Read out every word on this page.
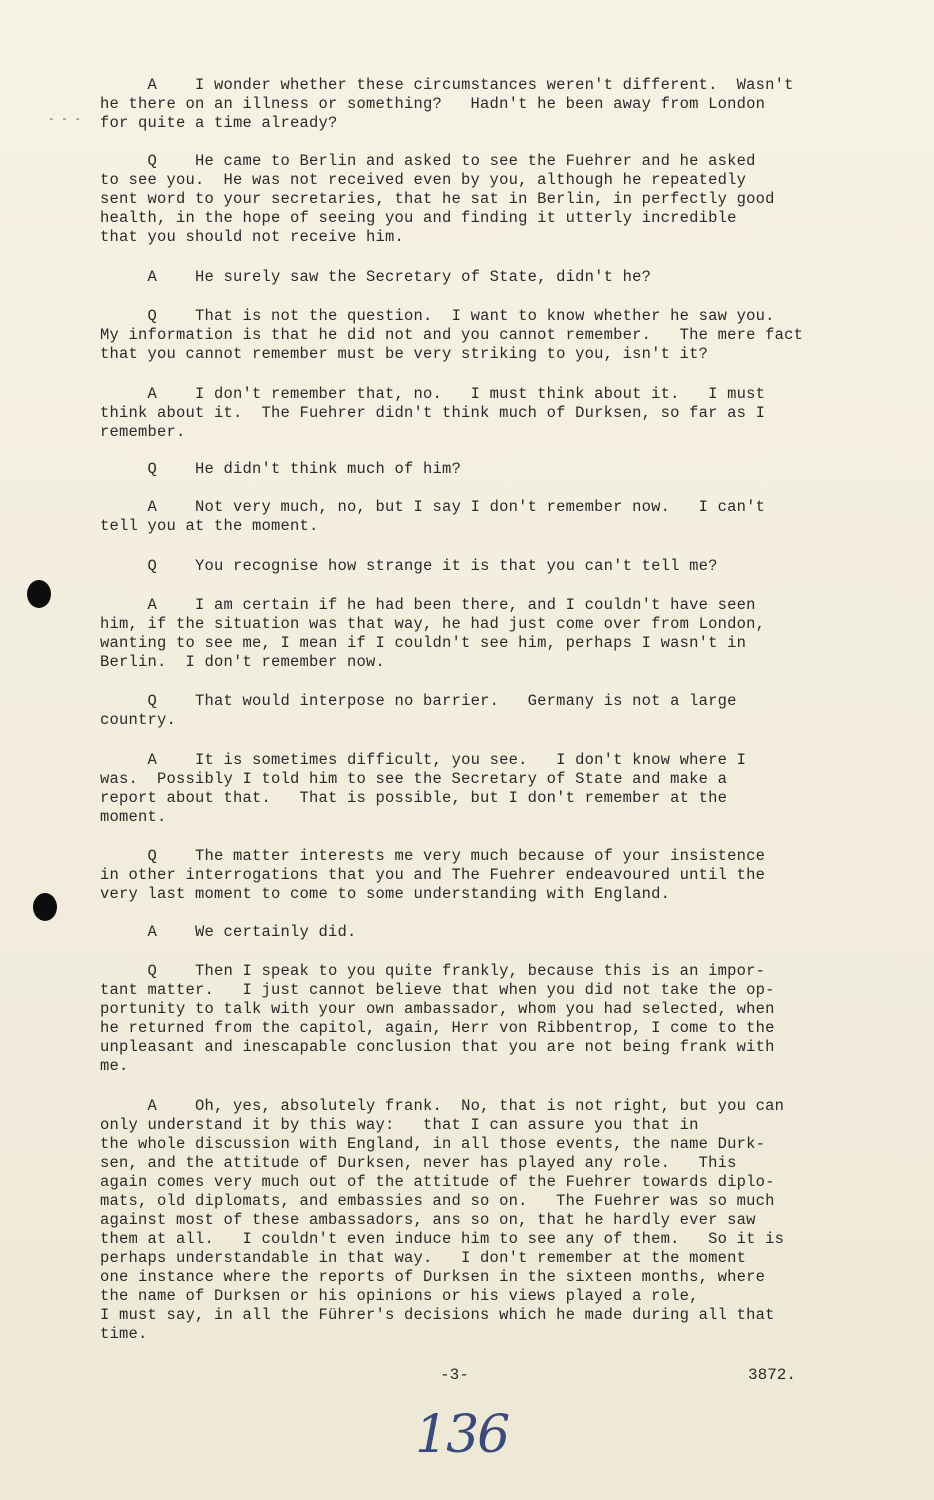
- - -
A    I wonder whether these circumstances weren't different.  Wasn't
he there on an illness or something?   Hadn't he been away from London
for quite a time already?
Q    He came to Berlin and asked to see the Fuehrer and he asked
to see you.  He was not received even by you, although he repeatedly
sent word to your secretaries, that he sat in Berlin, in perfectly good
health, in the hope of seeing you and finding it utterly incredible
that you should not receive him.
A    He surely saw the Secretary of State, didn't he?
Q    That is not the question.  I want to know whether he saw you.
My information is that he did not and you cannot remember.   The mere fact
that you cannot remember must be very striking to you, isn't it?
A    I don't remember that, no.   I must think about it.   I must
think about it.  The Fuehrer didn't think much of Durksen, so far as I
remember.
Q    He didn't think much of him?
A    Not very much, no, but I say I don't remember now.   I can't
tell you at the moment.
Q    You recognise how strange it is that you can't tell me?
A    I am certain if he had been there, and I couldn't have seen
him, if the situation was that way, he had just come over from London,
wanting to see me, I mean if I couldn't see him, perhaps I wasn't in
Berlin.  I don't remember now.
Q    That would interpose no barrier.   Germany is not a large
country.
A    It is sometimes difficult, you see.   I don't know where I
was.  Possibly I told him to see the Secretary of State and make a
report about that.   That is possible, but I don't remember at the
moment.
Q    The matter interests me very much because of your insistence
in other interrogations that you and The Fuehrer endeavoured until the
very last moment to come to some understanding with England.
A    We certainly did.
Q    Then I speak to you quite frankly, because this is an impor-
tant matter.   I just cannot believe that when you did not take the op-
portunity to talk with your own ambassador, whom you had selected, when
he returned from the capitol, again, Herr von Ribbentrop, I come to the
unpleasant and inescapable conclusion that you are not being frank with
me.
A    Oh, yes, absolutely frank.  No, that is not right, but you can
only understand it by this way:   that I can assure you that in
the whole discussion with England, in all those events, the name Durk-
sen, and the attitude of Durksen, never has played any role.   This
again comes very much out of the attitude of the Fuehrer towards diplo-
mats, old diplomats, and embassies and so on.   The Fuehrer was so much
against most of these ambassadors, ans so on, that he hardly ever saw
them at all.   I couldn't even induce him to see any of them.   So it is
perhaps understandable in that way.   I don't remember at the moment
one instance where the reports of Durksen in the sixteen months, where
the name of Durksen or his opinions or his views played a role,
I must say, in all the Führer's decisions which he made during all that time.
-3-	3872.
136
